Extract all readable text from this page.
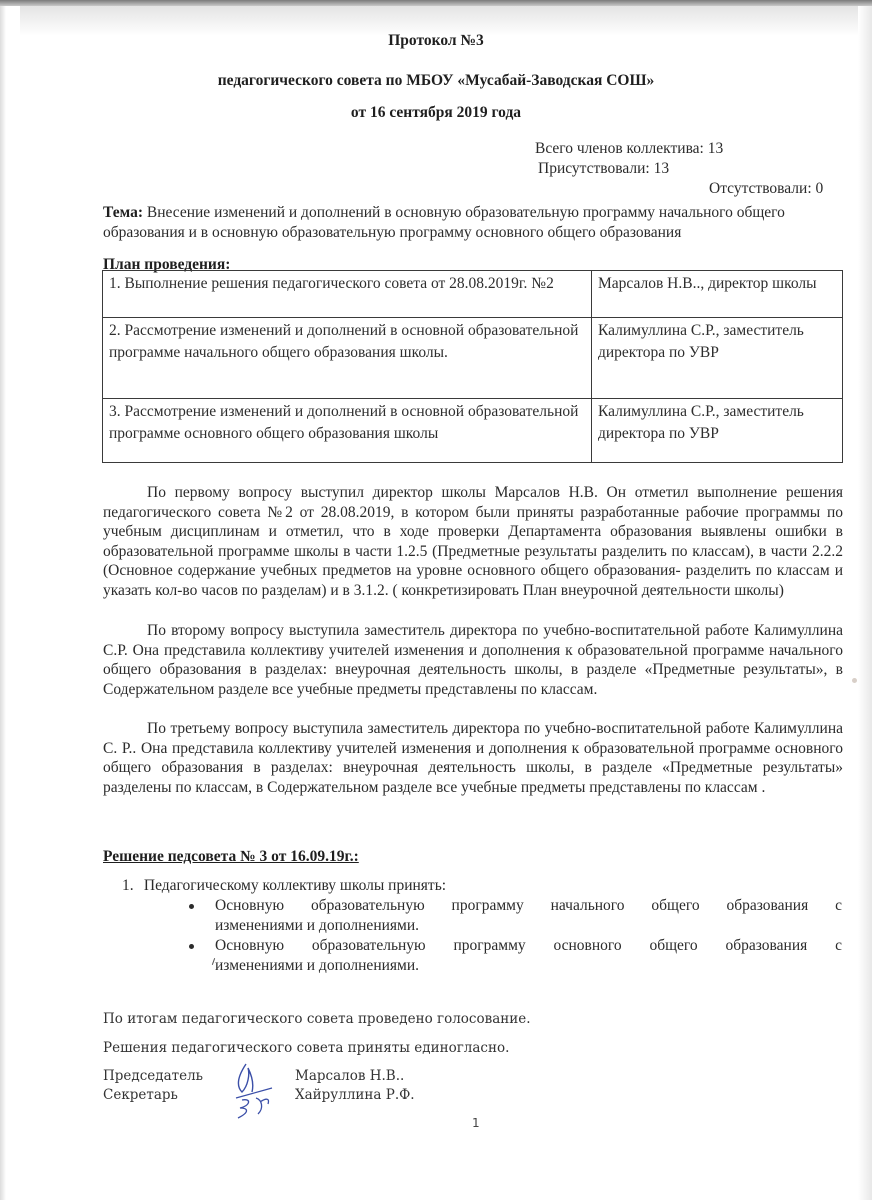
Протокол №3
педагогического совета по МБОУ «Мусабай-Заводская СОШ»
от 16 сентября 2019 года
Всего членов коллектива: 13
Присутствовали: 13
Отсутствовали: 0
Тема: Внесение изменений и дополнений в основную образовательную программу начального общего образования и в основную образовательную программу основного общего образования
План проведения:
1. Выполнение решения педагогического совета от 28.08.2019г. №2	Марсалов Н.В.., директор школы
2. Рассмотрение изменений и дополнений в основной образовательной программе начального общего образования школы.	Калимуллина С.Р., заместитель директора по УВР
3. Рассмотрение изменений и дополнений в основной образовательной программе основного общего образования школы	Калимуллина С.Р., заместитель директора по УВР
По первому вопросу выступил директор школы Марсалов Н.В. Он отметил выполнение решения педагогического совета №2 от 28.08.2019, в котором были приняты разработанные рабочие программы по учебным дисциплинам и отметил, что в ходе проверки Департамента образования выявлены ошибки в образовательной программе школы в части 1.2.5 (Предметные результаты разделить по классам), в части 2.2.2 (Основное содержание учебных предметов на уровне основного общего образования- разделить по классам и указать кол-во часов по разделам) и в 3.1.2. ( конкретизировать План внеурочной деятельности школы)
По второму вопросу выступила заместитель директора по учебно-воспитательной работе Калимуллина С.Р. Она представила коллективу учителей изменения и дополнения к образовательной программе начального общего образования в разделах: внеурочная деятельность школы, в разделе «Предметные результаты», в Содержательном разделе все учебные предметы представлены по классам.
По третьему вопросу выступила заместитель директора по учебно-воспитательной работе Калимуллина С. Р.. Она представила коллективу учителей изменения и дополнения к образовательной программе основного общего образования в разделах: внеурочная деятельность школы, в разделе «Предметные результаты» разделены по классам, в Содержательном разделе все учебные предметы представлены по классам .
Решение педсовета № 3 от 16.09.19г.:
1. Педагогическому коллективу школы принять:
Основную образовательную программу начального общего образования с
изменениями и дополнениями.
Основную образовательную программу основного общего образования с
изменениями и дополнениями.
По итогам педагогического совета проведено голосование.
Решения педагогического совета приняты единогласно.
Председатель	Марсалов Н.В..
Секретарь	Хайруллина Р.Ф.
1
